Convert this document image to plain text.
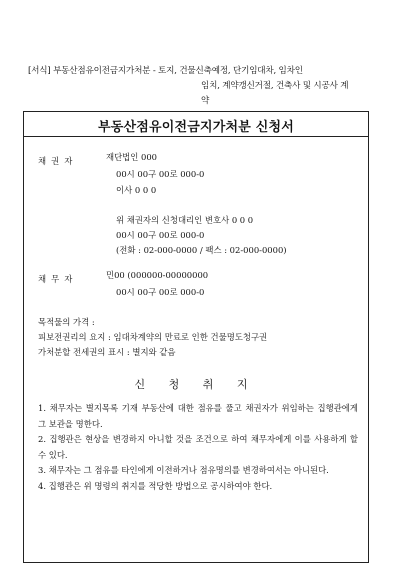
[서식] 부동산점유이전금지가처분 - 토지, 건물신축예정, 단기임대차, 임차인
임치, 계약갱신거절, 건축사 및 시공사 계
약
부동산점유이전금지가처분 신청서
채 권 자	재단법인 000
00시 00구 00로 000-0
이사 0 0 0
위 채권자의 신청대리인 변호사 0 0 0
00시 00구 00로 000-0
(전화 : 02-000-0000 / 팩스 : 02-000-0000)
채 무 자	민00 (000000-00000000
00시 00구 00로 000-0
목적물의 가격 :
피보전권리의 요지 : 임대차계약의 만료로 인한 건물명도청구권
가처분할 전세권의 표시 : 별지와 같음
신 청 취 지

1. 채무자는 별지목록 기재 부동산에 대한 점유를 풀고 채권자가 위임하는 집행관에게 그 보관을 명한다.

2. 집행관은 현상을 변경하지 아니할 것을 조건으로 하여 채무자에게 이를 사용하게 할 수 있다.

3. 채무자는 그 점유를 타인에게 이전하거나 점유명의를 변경하여서는 아니된다.

4. 집행관은 위 명령의 취지를 적당한 방법으로 공시하여야 한다.
